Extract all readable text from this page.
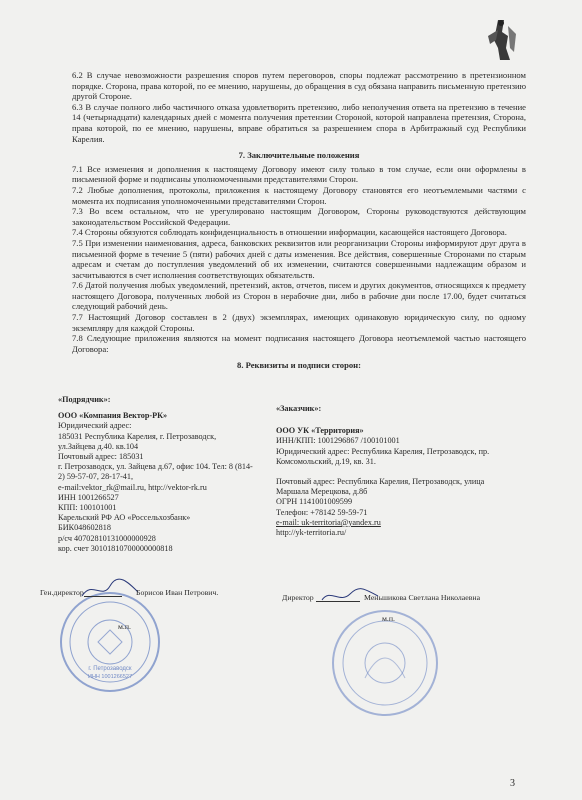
6.2 В случае невозможности разрешения споров путем переговоров, споры подлежат рассмотрению в претензионном порядке. Сторона, права которой, по ее мнению, нарушены, до обращения в суд обязана направить письменную претензию другой Стороне.

6.3 В случае полного либо частичного отказа удовлетворить претензию, либо неполучения ответа на претензию в течение 14 (четырнадцати) календарных дней с момента получения претензии Стороной, которой направлена претензия, Сторона, права которой, по ее мнению, нарушены, вправе обратиться за разрешением спора в Арбитражный суд Республики Карелия.

7. Заключительные положения

7.1 Все изменения и дополнения к настоящему Договору имеют силу только в том случае, если они оформлены в письменной форме и подписаны уполномоченными представителями Сторон.

7.2 Любые дополнения, протоколы, приложения к настоящему Договору становятся его неотъемлемыми частями с момента их подписания уполномоченными представителями Сторон.

7.3 Во всем остальном, что не урегулировано настоящим Договором, Стороны руководствуются действующим законодательством Российской Федерации.

7.4 Стороны обязуются соблюдать конфиденциальность в отношении информации, касающейся настоящего Договора.

7.5 При изменении наименования, адреса, банковских реквизитов или реорганизации Стороны информируют друг друга в письменной форме в течение 5 (пяти) рабочих дней с даты изменения. Все действия, совершенные Сторонами по старым адресам и счетам до поступления уведомлений об их изменении, считаются совершенными надлежащим образом и засчитываются в счет исполнения соответствующих обязательств.

7.6 Датой получения любых уведомлений, претензий, актов, отчетов, писем и других документов, относящихся к предмету настоящего Договора, полученных любой из Сторон в нерабочие дни, либо в рабочие дни после 17.00, будет считаться следующий рабочий день.

7.7 Настоящий Договор составлен в 2 (двух) экземплярах, имеющих одинаковую юридическую силу, по одному экземпляру для каждой Стороны.

7.8 Следующие приложения являются на момент подписания настоящего Договора неотъемлемой частью настоящего Договора:

8. Реквизиты и подписи сторон:

«Подрядчик»:

ООО «Компания Вектор-РК»

Юридический адрес:

185031 Республика Карелия, г. Петрозаводск,

ул.Зайцева д.40. кв.104

Почтовый адрес: 185031

г. Петрозаводск, ул. Зайцева д.67, офис 104. Тел: 8 (814-

2) 59-57-07, 28-17-41,

e-mail:vektor_rk@mail.ru, http://vektor-rk.ru

ИНН 1001266527

КПП: 100101001

Карельский РФ АО «Россельхозбанк»

БИК048602818

р/сч 40702810131000000928

кор. счет 30101810700000000818

«Заказчик»:

ООО УК «Территория»

ИНН/КПП: 1001296867 /100101001

Юридический адрес: Республика Карелия, Петрозаводск, пр. Комсомольский, д.19, кв. 31.

Почтовый адрес: Республика Карелия, Петрозаводск, улица

Маршала Мерецкова, д.8б

ОГРН 1141001009599

Телефон: +78142 59-59-71

e-mail: uk-territoria@yandex.ru

http://yk-territoria.ru/

г. Петрозаводск
ИНН 1001266527
Ген.директор	Борисов Иван Петрович.
м.п.
Директор	Меньшикова Светлана Николаевна
м.п.
3
